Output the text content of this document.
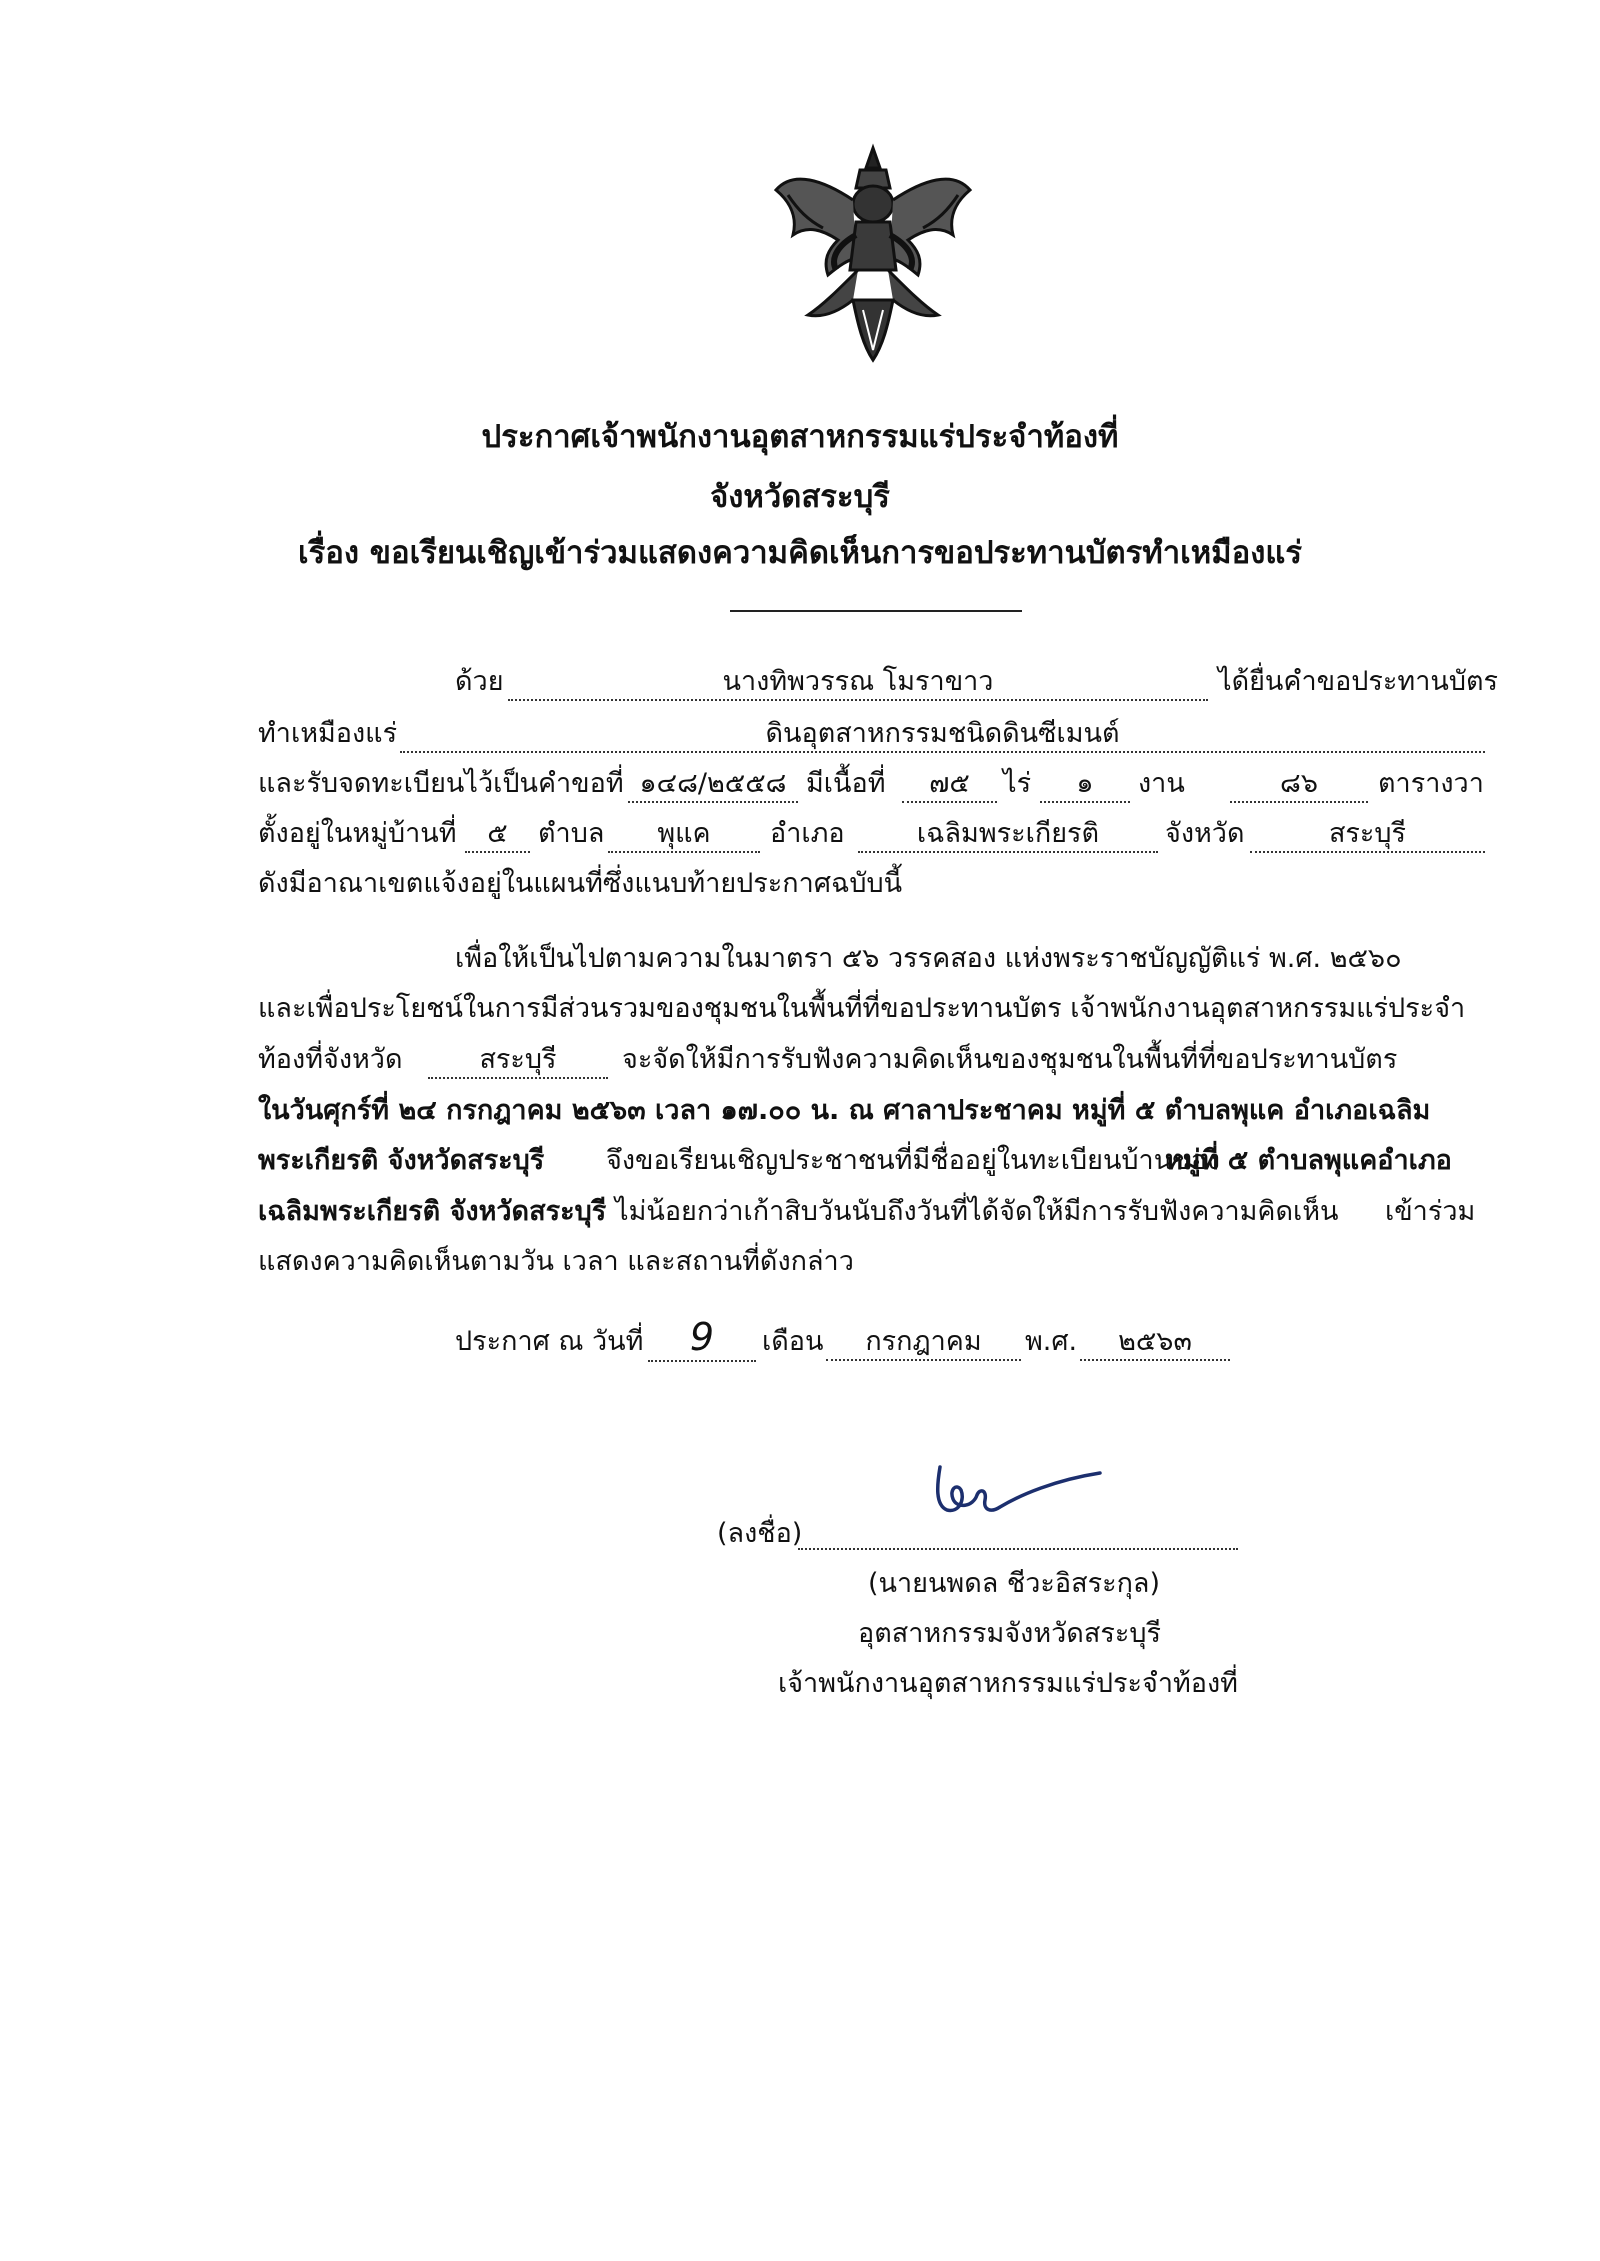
ประกาศเจ้าพนักงานอุตสาหกรรมแร่ประจำท้องที่
จังหวัดสระบุรี
เรื่อง ขอเรียนเชิญเข้าร่วมแสดงความคิดเห็นการขอประทานบัตรทำเหมืองแร่
ด้วย	นางทิพวรรณ โมราขาว	ได้ยื่นคำขอประทานบัตร
ทำเหมืองแร่	ดินอุตสาหกรรมชนิดดินซีเมนต์
และรับจดทะเบียนไว้เป็นคำขอที่ ๑๔๘/๒๕๕๘ มีเนื้อที่	๗๕	ไร่	๑	งาน	๘๖	ตารางวา
ตั้งอยู่ในหมู่บ้านที่	๕	ตำบล	พุแค	อำเภอ	เฉลิมพระเกียรติ	จังหวัด	สระบุรี
ดังมีอาณาเขตแจ้งอยู่ในแผนที่ซึ่งแนบท้ายประกาศฉบับนี้
เพื่อให้เป็นไปตามความในมาตรา ๕๖ วรรคสอง แห่งพระราชบัญญัติแร่ พ.ศ. ๒๕๖๐
และเพื่อประโยชน์ในการมีส่วนรวมของชุมชนในพื้นที่ที่ขอประทานบัตร เจ้าพนักงานอุตสาหกรรมแร่ประจำ
ท้องที่จังหวัด	สระบุรี	จะจัดให้มีการรับฟังความคิดเห็นของชุมชนในพื้นที่ที่ขอประทานบัตร
ในวันศุกร์ที่ ๒๔ กรกฎาคม ๒๕๖๓ เวลา ๑๗.๐๐ น. ณ ศาลาประชาคม หมู่ที่ ๕ ตำบลพุแค อำเภอเฉลิม
พระเกียรติ จังหวัดสระบุรี จึงขอเรียนเชิญประชาชนที่มีชื่ออยู่ในทะเบียนบ้านของ
หมู่ที่ ๕ ตำบลพุแคอำเภอ
เฉลิมพระเกียรติ จังหวัดสระบุรี ไม่น้อยกว่าเก้าสิบวันนับถึงวันที่ได้จัดให้มีการรับฟังความคิดเห็น เข้าร่วม
แสดงความคิดเห็นตามวัน เวลา และสถานที่ดังกล่าว
ประกาศ ณ วันที่	9	เดือน	กรกฎาคม	พ.ศ.	๒๕๖๓
(ลงชื่อ)
(นายนพดล ชีวะอิสระกุล)
อุตสาหกรรมจังหวัดสระบุรี
เจ้าพนักงานอุตสาหกรรมแร่ประจำท้องที่
